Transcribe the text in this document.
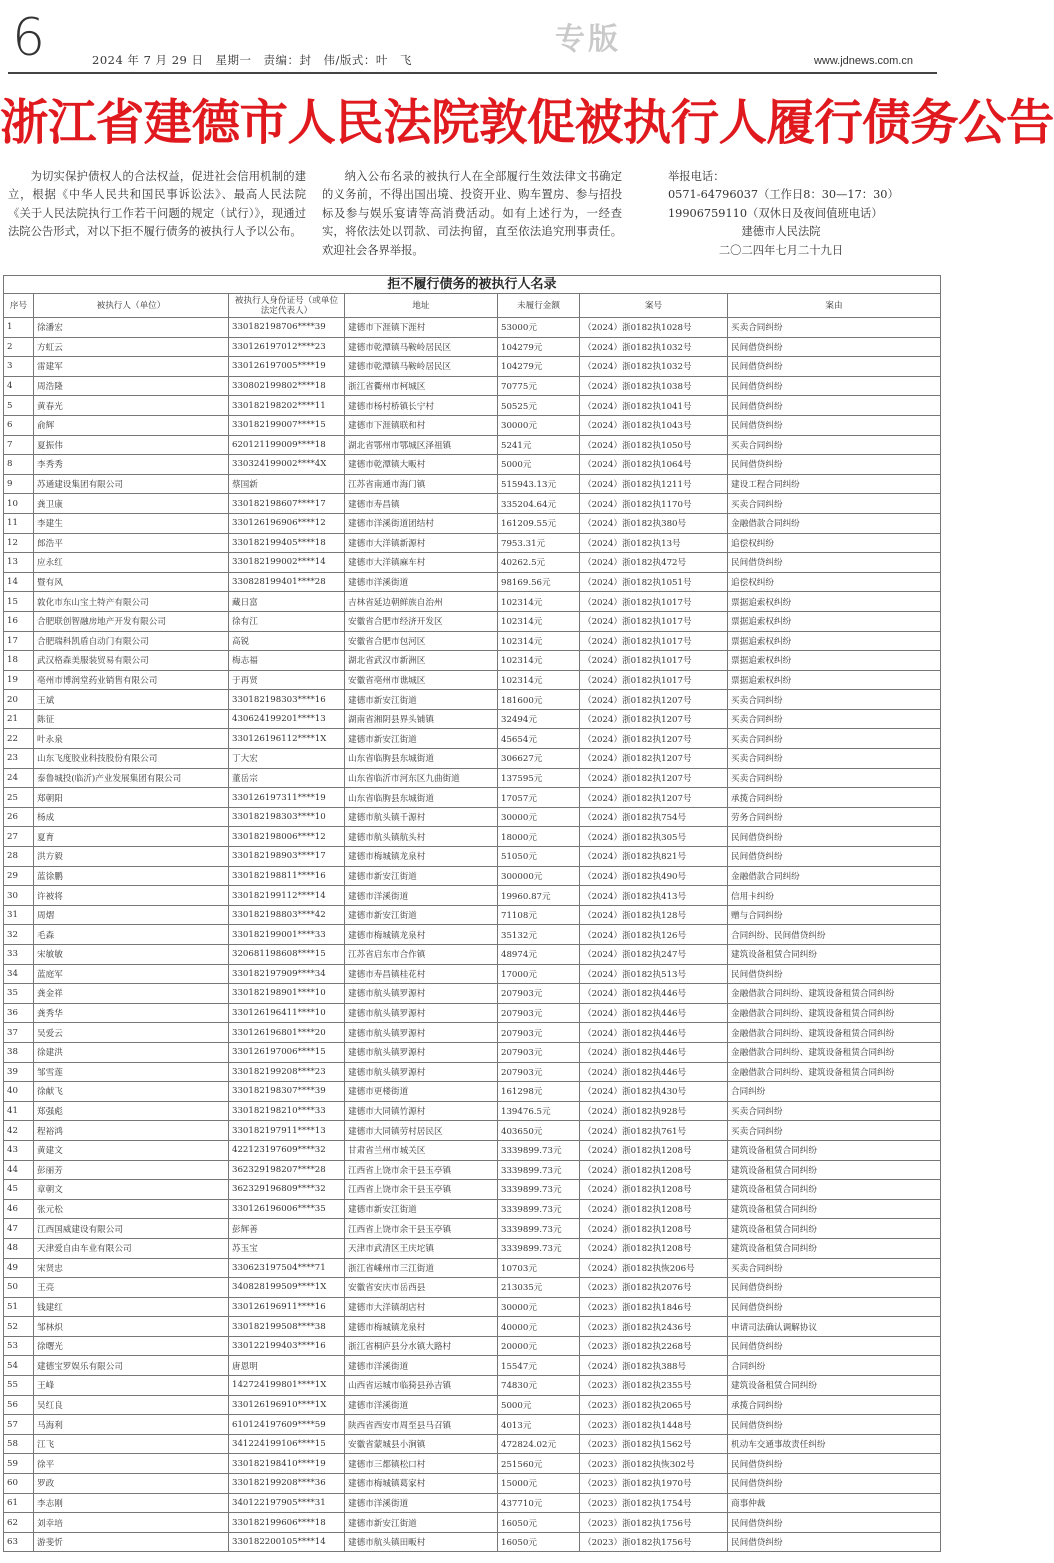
6	2024 年 7 月 29 日　星期一　责编：封　伟/版式：叶　飞
专版
www.jdnews.com.cn
浙江省建德市人民法院敦促被执行人履行债务公告

为切实保护债权人的合法权益，促进社会信用机制的建立，根据《中华人民共和国民事诉讼法》、最高人民法院《关于人民法院执行工作若干问题的规定（试行）》，现通过法院公告形式，对以下拒不履行债务的被执行人予以公布。

纳入公布名录的被执行人在全部履行生效法律文书确定的义务前，不得出国出境、投资开业、购车置房、参与招投标及参与娱乐宴请等高消费活动。如有上述行为，一经查实，将依法处以罚款、司法拘留，直至依法追究刑事责任。欢迎社会各界举报。

举报电话：
0571-64796037（工作日8：30—17：30）
19906759110（双休日及夜间值班电话）
建德市人民法院
二〇二四年七月二十九日
拒不履行债务的被执行人名录
序号	被执行人（单位）	被执行人身份证号（或单位法定代表人）	地址	未履行金额	案号	案由
1	徐潘宏	330182198706****39	建德市下涯镇下涯村	53000元	（2024）浙0182执1028号	买卖合同纠纷
2	方虹云	330126197012****23	建德市乾潭镇马鞍岭居民区	104279元	（2024）浙0182执1032号	民间借贷纠纷
3	雷建军	330126197005****19	建德市乾潭镇马鞍岭居民区	104279元	（2024）浙0182执1032号	民间借贷纠纷
4	周浩隆	330802199802****18	浙江省衢州市柯城区	70775元	（2024）浙0182执1038号	民间借贷纠纷
5	黄春光	330182198202****11	建德市杨村桥镇长宁村	50525元	（2024）浙0182执1041号	民间借贷纠纷
6	俞辉	330182199007****15	建德市下涯镇联和村	30000元	（2024）浙0182执1043号	民间借贷纠纷
7	夏振伟	620121199009****18	湖北省鄂州市鄂城区泽祖镇	5241元	（2024）浙0182执1050号	买卖合同纠纷
8	李秀秀	330324199002****4X	建德市乾潭镇大畈村	5000元	（2024）浙0182执1064号	民间借贷纠纷
9	苏通建设集团有限公司	蔡国新	江苏省南通市海门镇	515943.13元	（2024）浙0182执1211号	建设工程合同纠纷
10	龚卫康	330182198607****17	建德市寿昌镇	335204.64元	（2024）浙0182执1170号	买卖合同纠纷
11	李建生	330126196906****12	建德市洋溪街道团结村	161209.55元	（2024）浙0182执380号	金融借款合同纠纷
12	郎浩平	330182199405****18	建德市大洋镇新源村	7953.31元	（2024）浙0182执13号	追偿权纠纷
13	应永红	330182199002****14	建德市大洋镇麻车村	40262.5元	（2024）浙0182执472号	民间借贷纠纷
14	暨有风	330828199401****28	建德市洋溪街道	98169.56元	（2024）浙0182执1051号	追偿权纠纷
15	敦化市东山宝土特产有限公司	藏日富	吉林省延边朝鲜族自治州	102314元	（2024）浙0182执1017号	票据追索权纠纷
16	合肥联创智融房地产开发有限公司	徐有江	安徽省合肥市经济开发区	102314元	（2024）浙0182执1017号	票据追索权纠纷
17	合肥瑞科凯盾自动门有限公司	高锐	安徽省合肥市包河区	102314元	（2024）浙0182执1017号	票据追索权纠纷
18	武汉格森美服装贸易有限公司	梅志福	湖北省武汉市新洲区	102314元	（2024）浙0182执1017号	票据追索权纠纷
19	亳州市博润堂药业销售有限公司	于再贤	安徽省亳州市谯城区	102314元	（2024）浙0182执1017号	票据追索权纠纷
20	王斌	330182198303****16	建德市新安江街道	181600元	（2024）浙0182执1207号	买卖合同纠纷
21	陈征	430624199201****13	湖南省湘阴县界头铺镇	32494元	（2024）浙0182执1207号	买卖合同纠纷
22	叶永泉	330126196112****1X	建德市新安江街道	45654元	（2024）浙0182执1207号	买卖合同纠纷
23	山东飞度胶业科技股份有限公司	丁大宏	山东省临朐县东城街道	306627元	（2024）浙0182执1207号	买卖合同纠纷
24	泰鲁城投(临沂)产业发展集团有限公司	董岳宗	山东省临沂市河东区九曲街道	137595元	（2024）浙0182执1207号	买卖合同纠纷
25	郑朝阳	330126197311****19	山东省临朐县东城街道	17057元	（2024）浙0182执1207号	承揽合同纠纷
26	杨成	330182198303****10	建德市航头镇千源村	30000元	（2024）浙0182执754号	劳务合同纠纷
27	夏育	330182198006****12	建德市航头镇航头村	18000元	（2024）浙0182执305号	民间借贷纠纷
28	洪方毅	330182198903****17	建德市梅城镇龙泉村	51050元	（2024）浙0182执821号	民间借贷纠纷
29	蓝徐鹏	330182198811****16	建德市新安江街道	300000元	（2024）浙0182执490号	金融借款合同纠纷
30	许被将	330182199112****14	建德市洋溪街道	19960.87元	（2024）浙0182执413号	信用卡纠纷
31	周熠	330182198803****42	建德市新安江街道	71108元	（2024）浙0182执128号	赠与合同纠纷
32	毛森	330182199001****33	建德市梅城镇龙泉村	35132元	（2024）浙0182执126号	合同纠纷、民间借贷纠纷
33	宋敏敏	320681198608****15	江苏省启东市合作镇	48974元	（2024）浙0182执247号	建筑设备租赁合同纠纷
34	蓝庭军	330182197909****34	建德市寿昌镇桂花村	17000元	（2024）浙0182执513号	民间借贷纠纷
35	龚金祥	330182198901****10	建德市航头镇罗源村	207903元	（2024）浙0182执446号	金融借款合同纠纷、建筑设备租赁合同纠纷
36	龚秀华	330126196411****10	建德市航头镇罗源村	207903元	（2024）浙0182执446号	金融借款合同纠纷、建筑设备租赁合同纠纷
37	吴爱云	330126196801****20	建德市航头镇罗源村	207903元	（2024）浙0182执446号	金融借款合同纠纷、建筑设备租赁合同纠纷
38	徐建洪	330126197006****15	建德市航头镇罗源村	207903元	（2024）浙0182执446号	金融借款合同纠纷、建筑设备租赁合同纠纷
39	邹雪莲	330182199208****23	建德市航头镇罗源村	207903元	（2024）浙0182执446号	金融借款合同纠纷、建筑设备租赁合同纠纷
40	徐献飞	330182198307****39	建德市更楼街道	161298元	（2024）浙0182执430号	合同纠纷
41	郑强彪	330182198210****33	建德市大同镇竹源村	139476.5元	（2024）浙0182执928号	买卖合同纠纷
42	程裕鸿	330182197911****13	建德市大同镇劳村居民区	403650元	（2024）浙0182执761号	买卖合同纠纷
43	黄建文	422123197609****32	甘肃省兰州市城关区	3339899.73元	（2024）浙0182执1208号	建筑设备租赁合同纠纷
44	彭丽芳	362329198207****28	江西省上饶市余干县玉亭镇	3339899.73元	（2024）浙0182执1208号	建筑设备租赁合同纠纷
45	章朝文	362329196809****32	江西省上饶市余干县玉亭镇	3339899.73元	（2024）浙0182执1208号	建筑设备租赁合同纠纷
46	张元松	330126196006****35	建德市新安江街道	3339899.73元	（2024）浙0182执1208号	建筑设备租赁合同纠纷
47	江西国威建设有限公司	彭辉善	江西省上饶市余干县玉亭镇	3339899.73元	（2024）浙0182执1208号	建筑设备租赁合同纠纷
48	天津爱自由车业有限公司	苏玉宝	天津市武清区王庆坨镇	3339899.73元	（2024）浙0182执1208号	建筑设备租赁合同纠纷
49	宋贤忠	330623197504****71	浙江省嵊州市三江街道	10703元	（2024）浙0182执恢206号	买卖合同纠纷
50	王亮	340828199509****1X	安徽省安庆市岳西县	213035元	（2023）浙0182执2076号	民间借贷纠纷
51	钱建红	330126196911****16	建德市大洋镇胡店村	30000元	（2023）浙0182执1846号	民间借贷纠纷
52	邹林炽	330182199508****38	建德市梅城镇龙泉村	40000元	（2023）浙0182执2436号	申请司法确认调解协议
53	徐曙光	330122199403****16	浙江省桐庐县分水镇大路村	20000元	（2023）浙0182执2268号	民间借贷纠纷
54	建德宝罗娱乐有限公司	唐恩明	建德市洋溪街道	15547元	（2024）浙0182执388号	合同纠纷
55	王峰	142724199801****1X	山西省运城市临猗县孙吉镇	74830元	（2023）浙0182执2355号	建筑设备租赁合同纠纷
56	吴红良	330126196910****1X	建德市洋溪街道	5000元	（2023）浙0182执2065号	承揽合同纠纷
57	马海利	610124197609****59	陕西省西安市周至县马召镇	4013元	（2023）浙0182执1448号	民间借贷纠纷
58	江飞	341224199106****15	安徽省蒙城县小涧镇	472824.02元	（2023）浙0182执1562号	机动车交通事故责任纠纷
59	徐平	330182198410****19	建德市三都镇松口村	251560元	（2023）浙0182执恢302号	民间借贷纠纷
60	罗政	330182199208****36	建德市梅城镇葛家村	15000元	（2023）浙0182执1970号	民间借贷纠纷
61	李志刚	340122197905****31	建德市洋溪街道	437710元	（2023）浙0182执1754号	商事仲裁
62	刘幸培	330182199606****18	建德市新安江街道	16050元	（2023）浙0182执1756号	民间借贷纠纷
63	游斐忻	330182200105****14	建德市航头镇田畈村	16050元	（2023）浙0182执1756号	民间借贷纠纷
